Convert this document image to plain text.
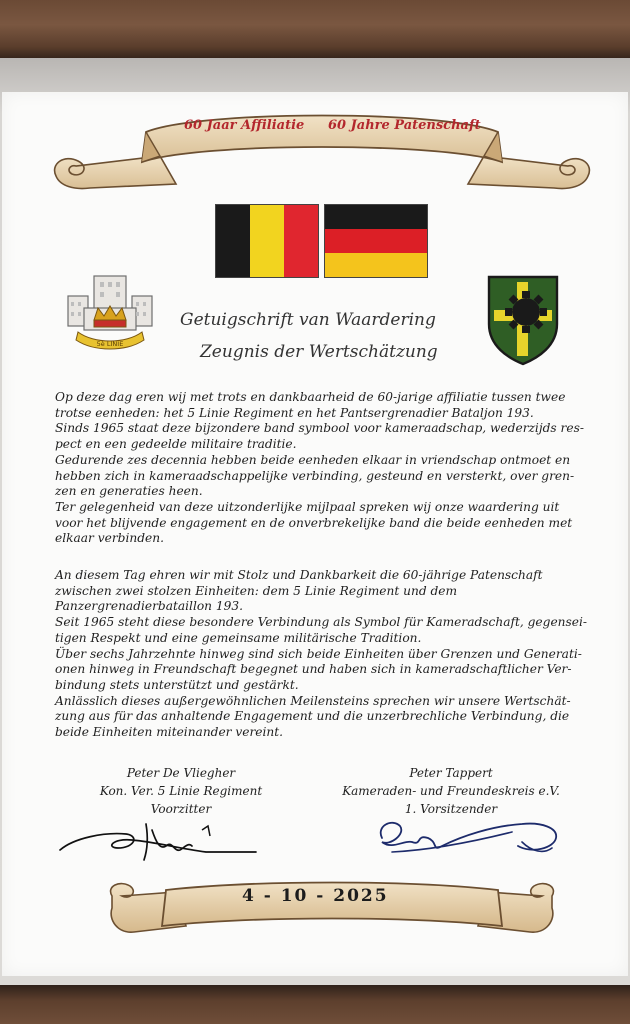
60 Jaar Affiliatie 60 Jahre Patenschaft
5è LINIE
Getuigschrift van Waardering
Zeugnis der Wertschätzung

Op deze dag eren wij met trots en dankbaarheid de 60-jarige affiliatie tussen twee
trotse eenheden: het 5 Linie Regiment en het Pantsergrenadier Bataljon 193.
Sinds 1965 staat deze bijzondere band symbool voor kameraadschap, wederzijds res-
pect en een gedeelde militaire traditie.
Gedurende zes decennia hebben beide eenheden elkaar in vriendschap ontmoet en
hebben zich in kameraadschappelijke verbinding, gesteund en versterkt, over gren-
zen en generaties heen.
Ter gelegenheid van deze uitzonderlijke mijlpaal spreken wij onze waardering uit
voor het blijvende engagement en de onverbrekelijke band die beide eenheden met
elkaar verbinden.

An diesem Tag ehren wir mit Stolz und Dankbarkeit die 60-jährige Patenschaft
zwischen zwei stolzen Einheiten: dem 5 Linie Regiment und dem
Panzergrenadierbataillon 193.
Seit 1965 steht diese besondere Verbindung als Symbol für Kameradschaft, gegensei-
tigen Respekt und eine gemeinsame militärische Tradition.
Über sechs Jahrzehnte hinweg sind sich beide Einheiten über Grenzen und Generati-
onen hinweg in Freundschaft begegnet und haben sich in kameradschaftlicher Ver-
bindung stets unterstützt und gestärkt.
Anlässlich dieses außergewöhnlichen Meilensteins sprechen wir unsere Wertschät-
zung aus für das anhaltende Engagement und die unzerbrechliche Verbindung, die
beide Einheiten miteinander vereint.

Peter De Vliegher
Kon. Ver. 5 Linie Regiment
Voorzitter
Peter Tappert
Kameraden- und Freundeskreis e.V.
1. Vorsitzender
4 - 10 - 2025
